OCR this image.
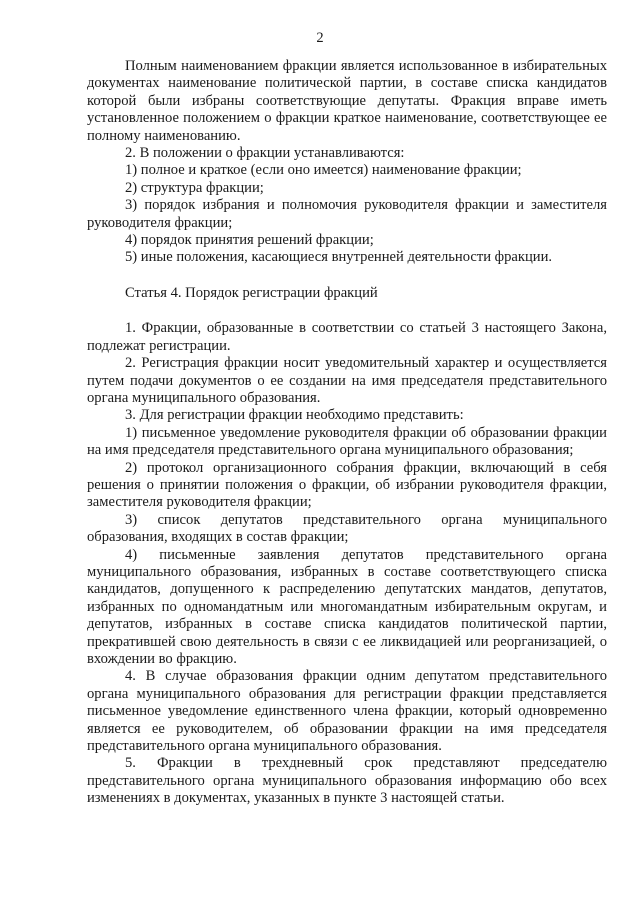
2

Полным наименованием фракции является использованное в избирательных документах наименование политической партии, в составе списка кандидатов которой были избраны соответствующие депутаты. Фракция вправе иметь установленное положением о фракции краткое наименование, соответствующее ее полному наименованию.

2. В положении о фракции устанавливаются:

1) полное и краткое (если оно имеется) наименование фракции;

2) структура фракции;

3) порядок избрания и полномочия руководителя фракции и заместителя руководителя фракции;

4) порядок принятия решений фракции;

5) иные положения, касающиеся внутренней деятельности фракции.

Статья 4. Порядок регистрации фракций

1. Фракции, образованные в соответствии со статьей 3 настоящего Закона, подлежат регистрации.

2. Регистрация фракции носит уведомительный характер и осуществляется путем подачи документов о ее создании на имя председателя представительного органа муниципального образования.

3. Для регистрации фракции необходимо представить:

1) письменное уведомление руководителя фракции об образовании фракции на имя председателя представительного органа муниципального образования;

2) протокол организационного собрания фракции, включающий в себя решения о принятии положения о фракции, об избрании руководителя фракции, заместителя руководителя фракции;

3) список депутатов представительного органа муниципального образования, входящих в состав фракции;

4) письменные заявления депутатов представительного органа муниципального образования, избранных в составе соответствующего списка кандидатов, допущенного к распределению депутатских мандатов, депутатов, избранных по одномандатным или многомандатным избирательным округам, и депутатов, избранных в составе списка кандидатов политической партии, прекратившей свою деятельность в связи с ее ликвидацией или реорганизацией, о вхождении во фракцию.

4. В случае образования фракции одним депутатом представительного органа муниципального образования для регистрации фракции представляется письменное уведомление единственного члена фракции, который одновременно является ее руководителем, об образовании фракции на имя председателя представительного органа муниципального образования.

5. Фракции в трехдневный срок представляют председателю представительного органа муниципального образования информацию обо всех изменениях в документах, указанных в пункте 3 настоящей статьи.
